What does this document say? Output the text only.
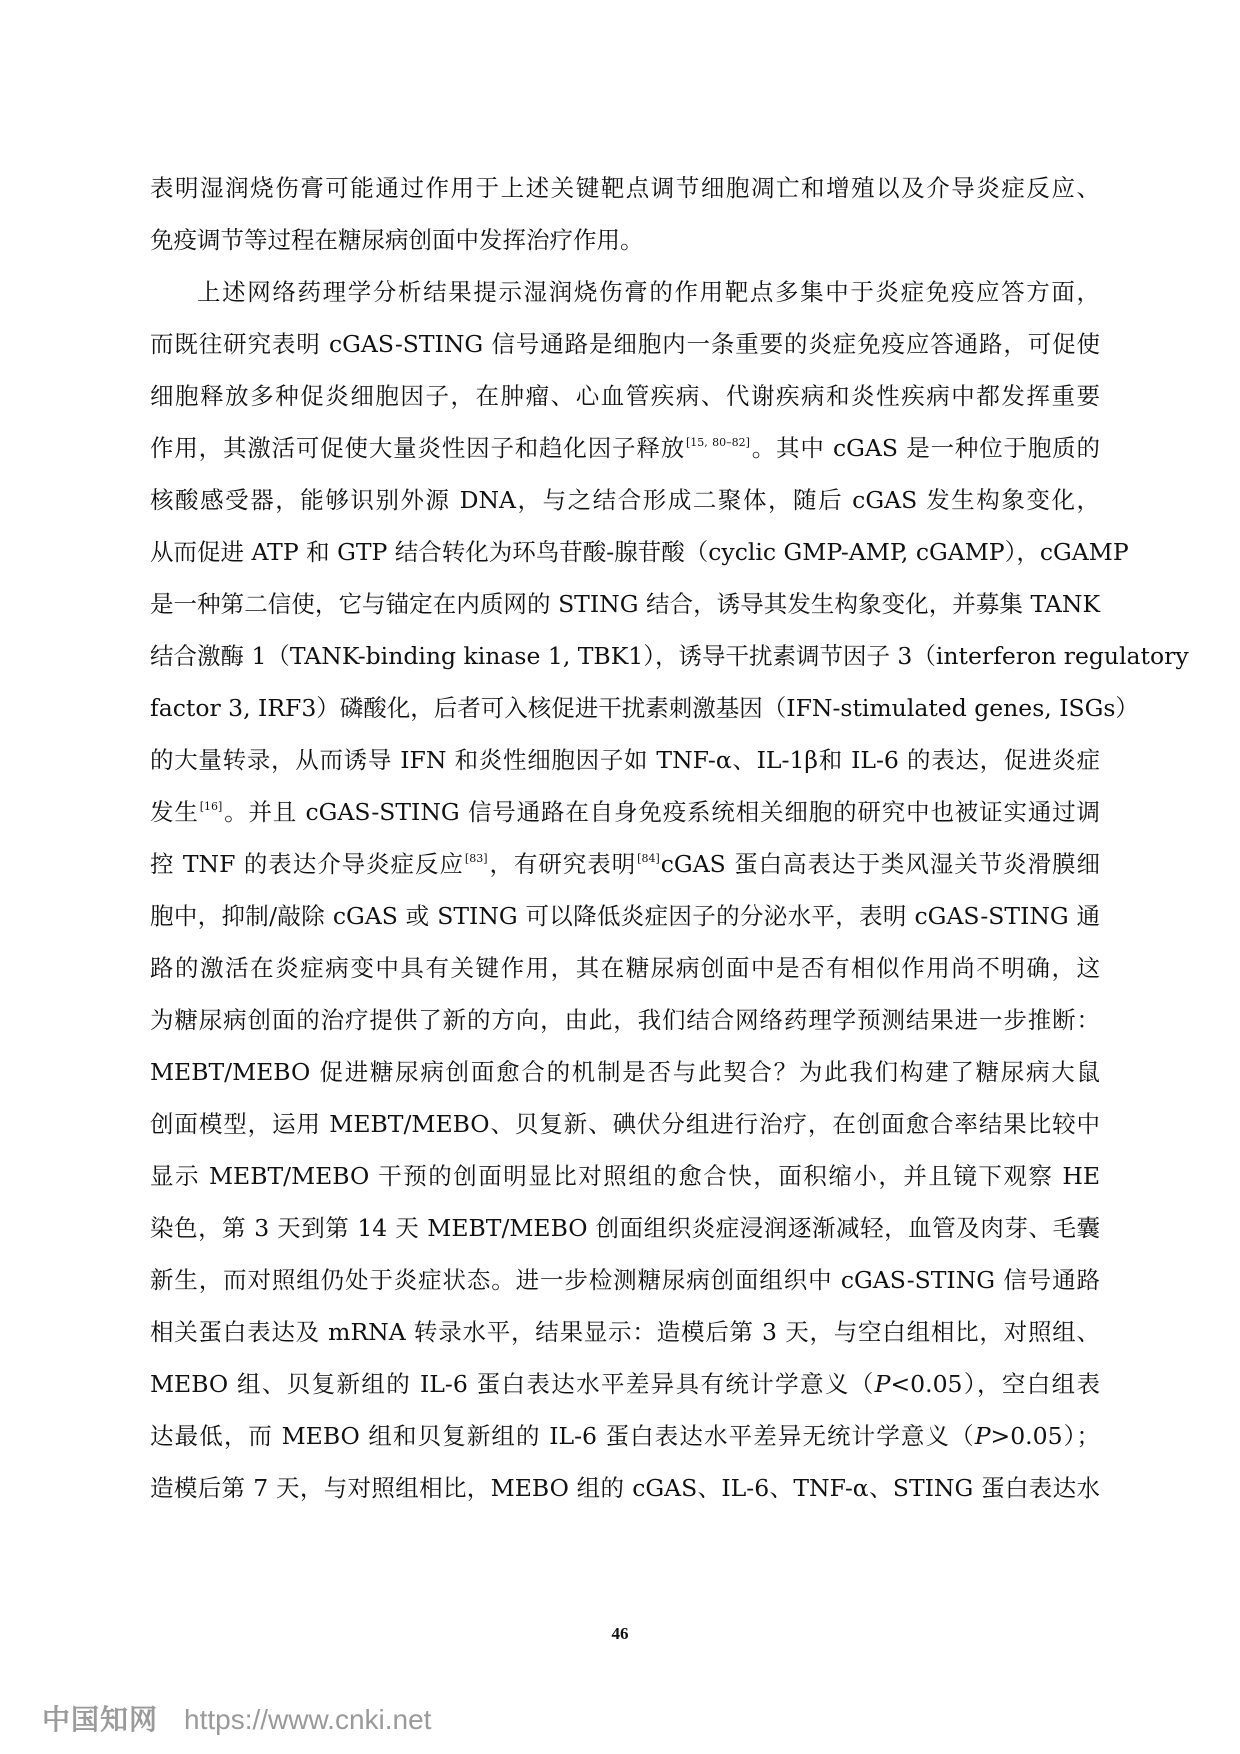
表明湿润烧伤膏可能通过作用于上述关键靶点调节细胞凋亡和增殖以及介导炎症反应、
免疫调节等过程在糖尿病创面中发挥治疗作用。
上述网络药理学分析结果提示湿润烧伤膏的作用靶点多集中于炎症免疫应答方面，
而既往研究表明 cGAS-STING 信号通路是细胞内一条重要的炎症免疫应答通路，可促使
细胞释放多种促炎细胞因子，在肿瘤、心血管疾病、代谢疾病和炎性疾病中都发挥重要
作用，其激活可促使大量炎性因子和趋化因子释放[15, 80–82]。其中 cGAS 是一种位于胞质的
核酸感受器，能够识别外源 DNA，与之结合形成二聚体，随后 cGAS 发生构象变化，
从而促进 ATP 和 GTP 结合转化为环鸟苷酸-腺苷酸（cyclic GMP-AMP, cGAMP），cGAMP
是一种第二信使，它与锚定在内质网的 STING 结合，诱导其发生构象变化，并募集 TANK
结合激酶 1（TANK-binding kinase 1, TBK1），诱导干扰素调节因子 3（interferon regulatory
factor 3, IRF3）磷酸化，后者可入核促进干扰素刺激基因（IFN-stimulated genes, ISGs）
的大量转录，从而诱导 IFN 和炎性细胞因子如 TNF-α、IL-1β和 IL-6 的表达，促进炎症
发生[16]。并且 cGAS-STING 信号通路在自身免疫系统相关细胞的研究中也被证实通过调
控 TNF 的表达介导炎症反应[83]，有研究表明[84]cGAS 蛋白高表达于类风湿关节炎滑膜细
胞中，抑制/敲除 cGAS 或 STING 可以降低炎症因子的分泌水平，表明 cGAS-STING 通
路的激活在炎症病变中具有关键作用，其在糖尿病创面中是否有相似作用尚不明确，这
为糖尿病创面的治疗提供了新的方向，由此，我们结合网络药理学预测结果进一步推断：
MEBT/MEBO 促进糖尿病创面愈合的机制是否与此契合？为此我们构建了糖尿病大鼠
创面模型，运用 MEBT/MEBO、贝复新、碘伏分组进行治疗，在创面愈合率结果比较中
显示 MEBT/MEBO 干预的创面明显比对照组的愈合快，面积缩小，并且镜下观察 HE
染色，第 3 天到第 14 天 MEBT/MEBO 创面组织炎症浸润逐渐减轻，血管及肉芽、毛囊
新生，而对照组仍处于炎症状态。进一步检测糖尿病创面组织中 cGAS-STING 信号通路
相关蛋白表达及 mRNA 转录水平，结果显示：造模后第 3 天，与空白组相比，对照组、
MEBO 组、贝复新组的 IL-6 蛋白表达水平差异具有统计学意义（P<0.05），空白组表
达最低，而 MEBO 组和贝复新组的 IL-6 蛋白表达水平差异无统计学意义（P>0.05）；
造模后第 7 天，与对照组相比，MEBO 组的 cGAS、IL-6、TNF-α、STING 蛋白表达水
46
中国知网 https://www.cnki.net
